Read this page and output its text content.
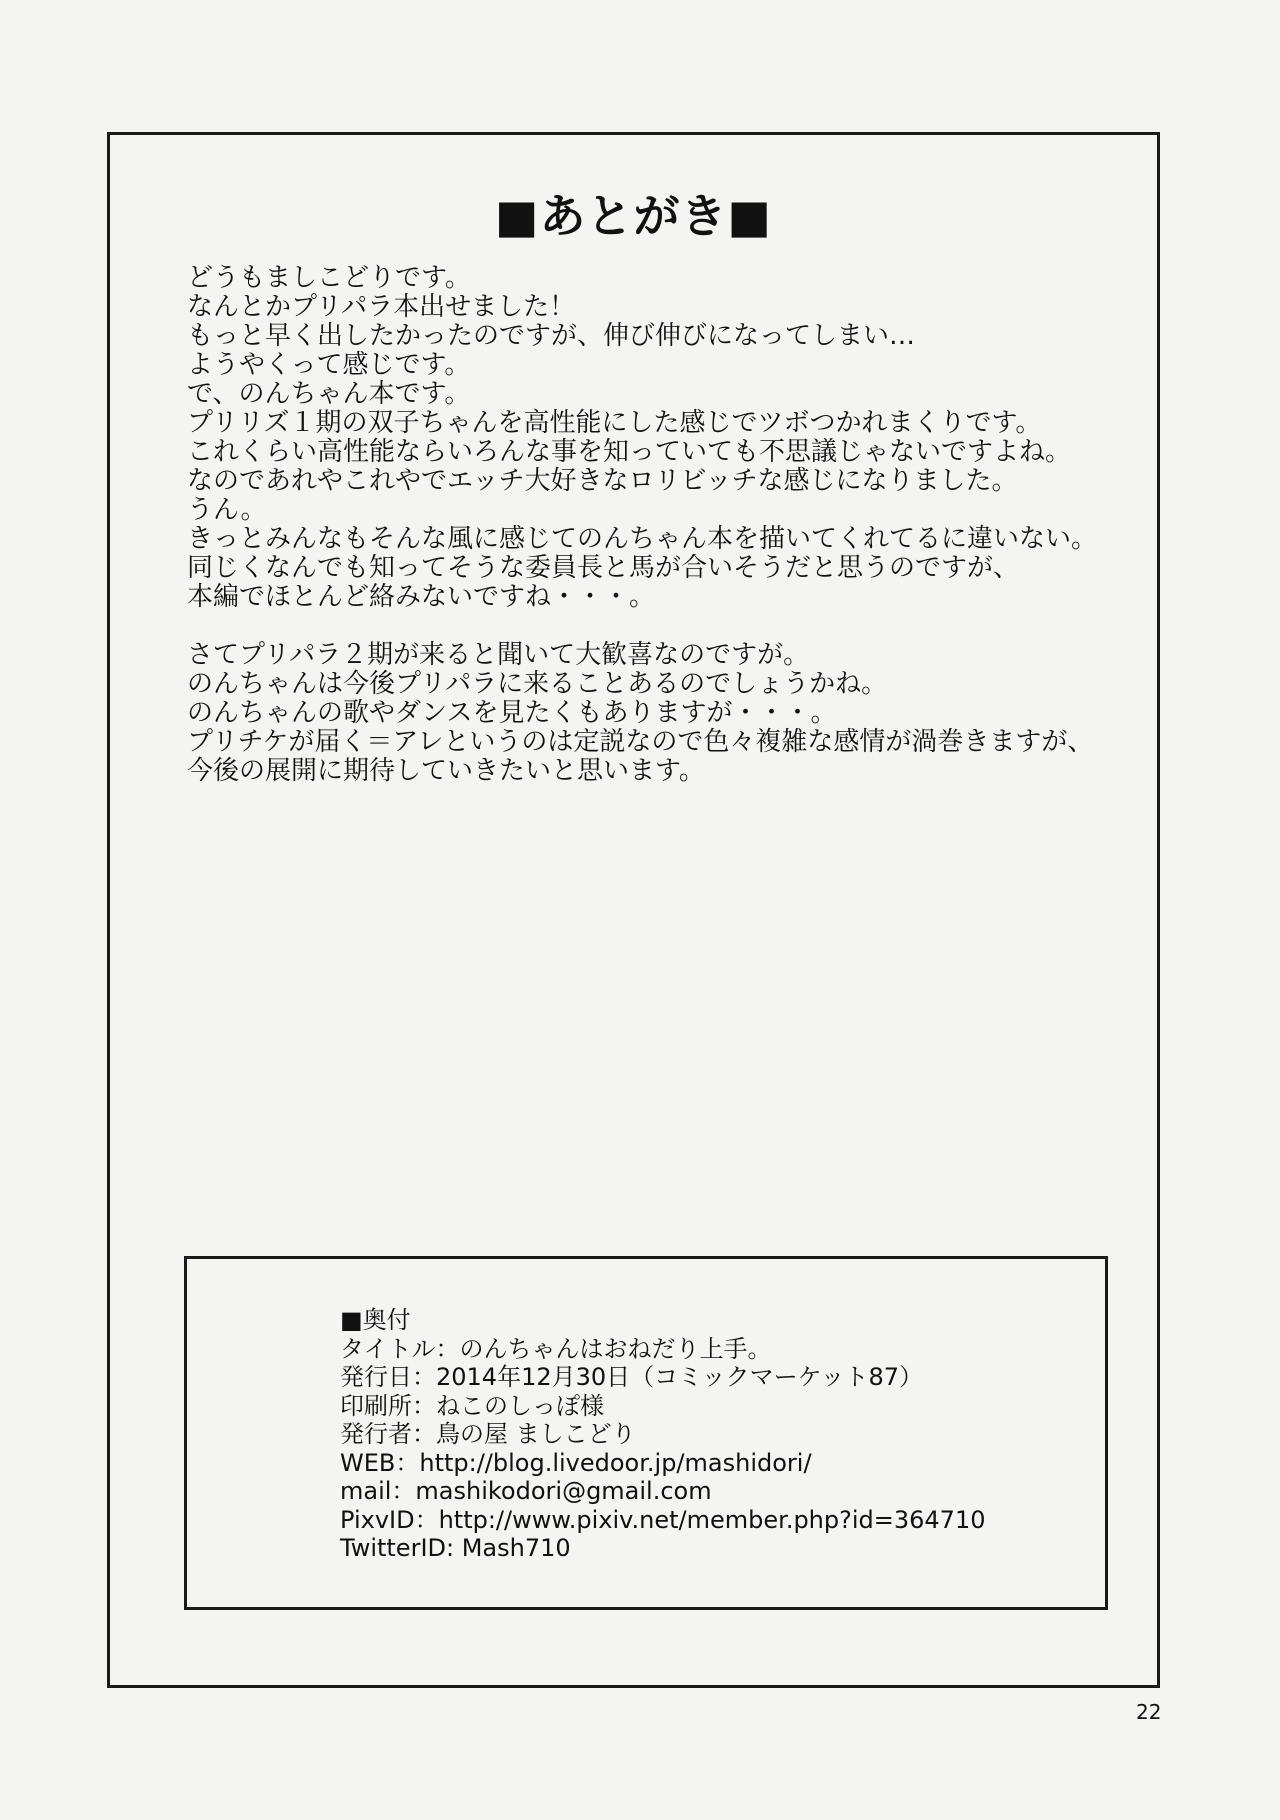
■あとがき■
どうもましこどりです。
なんとかプリパラ本出せました！
もっと早く出したかったのですが、伸び伸びになってしまい…
ようやくって感じです。
で、のんちゃん本です。
プリリズ１期の双子ちゃんを高性能にした感じでツボつかれまくりです。
これくらい高性能ならいろんな事を知っていても不思議じゃないですよね。
なのであれやこれやでエッチ大好きなロリビッチな感じになりました。
うん。
きっとみんなもそんな風に感じてのんちゃん本を描いてくれてるに違いない。
同じくなんでも知ってそうな委員長と馬が合いそうだと思うのですが、
本編でほとんど絡みないですね・・・。
さてプリパラ２期が来ると聞いて大歓喜なのですが。
のんちゃんは今後プリパラに来ることあるのでしょうかね。
のんちゃんの歌やダンスを見たくもありますが・・・。
プリチケが届く＝アレというのは定説なので色々複雑な感情が渦巻きますが、
今後の展開に期待していきたいと思います。
■奥付
タイトル：のんちゃんはおねだり上手。
発行日：2014年12月30日（コミックマーケット87）
印刷所：ねこのしっぽ様
発行者：鳥の屋 ましこどり
WEB：http://blog.livedoor.jp/mashidori/
mail：mashikodori@gmail.com
PixvID：http://www.pixiv.net/member.php?id=364710
TwitterID: Mash710
22
